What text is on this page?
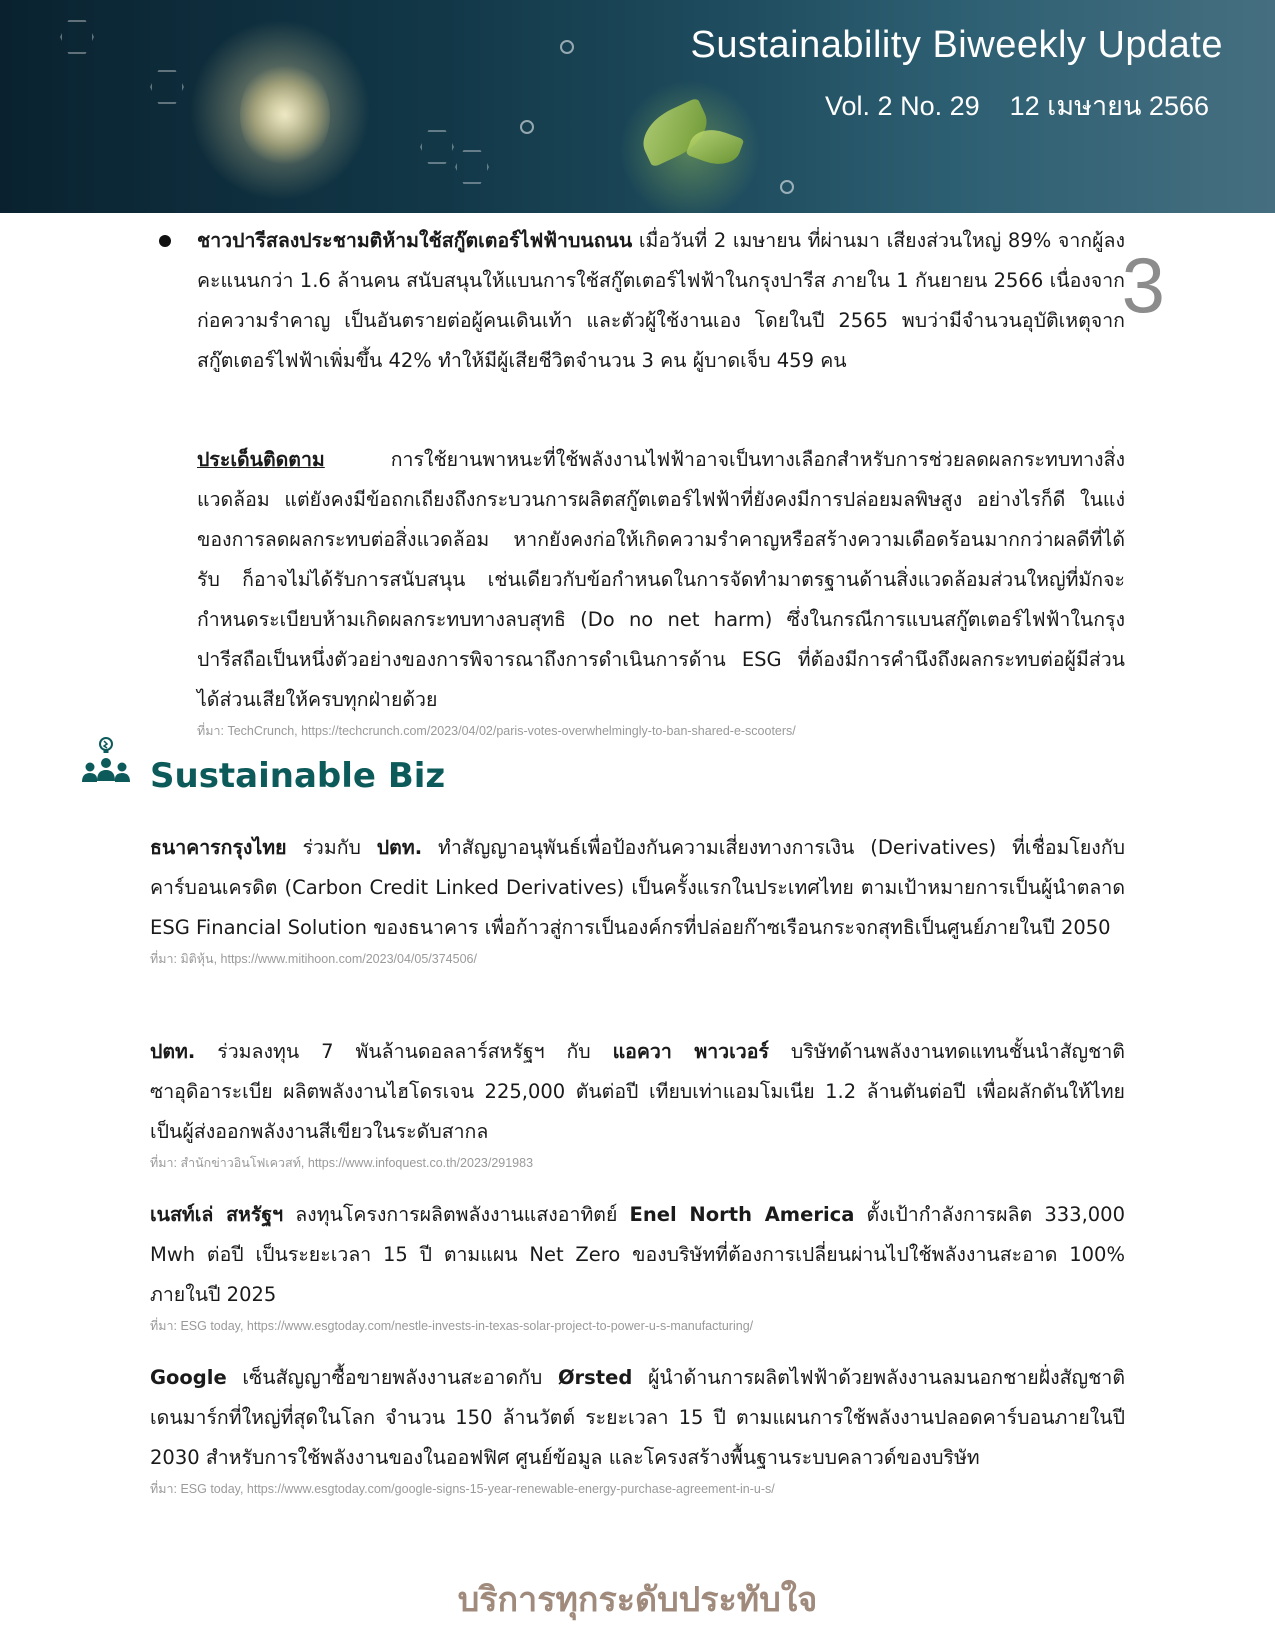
Sustainability Biweekly Update
Vol. 2 No. 29 12 เมษายน 2566
3

ชาวปารีสลงประชามติห้ามใช้สกู๊ตเตอร์ไฟฟ้าบนถนน เมื่อวันที่ 2 เมษายน ที่ผ่านมา เสียงส่วนใหญ่ 89% จากผู้ลงคะแนนกว่า 1.6 ล้านคน สนับสนุนให้แบนการใช้สกู๊ตเตอร์ไฟฟ้าในกรุงปารีส ภายใน 1 กันยายน 2566 เนื่องจากก่อความรำคาญ เป็นอันตรายต่อผู้คนเดินเท้า และตัวผู้ใช้งานเอง โดยในปี 2565 พบว่ามีจำนวนอุบัติเหตุจากสกู๊ตเตอร์ไฟฟ้าเพิ่มขึ้น 42% ทำให้มีผู้เสียชีวิตจำนวน 3 คน ผู้บาดเจ็บ 459 คน

ประเด็นติดตาม การใช้ยานพาหนะที่ใช้พลังงานไฟฟ้าอาจเป็นทางเลือกสำหรับการช่วยลดผลกระทบทางสิ่งแวดล้อม แต่ยังคงมีข้อถกเถียงถึงกระบวนการผลิตสกู๊ตเตอร์ไฟฟ้าที่ยังคงมีการปล่อยมลพิษสูง อย่างไรก็ดี ในแง่ของการลดผลกระทบต่อสิ่งแวดล้อม หากยังคงก่อให้เกิดความรำคาญหรือสร้างความเดือดร้อนมากกว่าผลดีที่ได้รับ ก็อาจไม่ได้รับการสนับสนุน เช่นเดียวกับข้อกำหนดในการจัดทำมาตรฐานด้านสิ่งแวดล้อมส่วนใหญ่ที่มักจะกำหนดระเบียบห้ามเกิดผลกระทบทางลบสุทธิ (Do no net harm) ซึ่งในกรณีการแบนสกู๊ตเตอร์ไฟฟ้าในกรุงปารีสถือเป็นหนึ่งตัวอย่างของการพิจารณาถึงการดำเนินการด้าน ESG ที่ต้องมีการคำนึงถึงผลกระทบต่อผู้มีส่วนได้ส่วนเสียให้ครบทุกฝ่ายด้วย

ที่มา: TechCrunch, https://techcrunch.com/2023/04/02/paris-votes-overwhelmingly-to-ban-shared-e-scooters/
Sustainable Biz

ธนาคารกรุงไทย ร่วมกับ ปตท. ทำสัญญาอนุพันธ์เพื่อป้องกันความเสี่ยงทางการเงิน (Derivatives) ที่เชื่อมโยงกับคาร์บอนเครดิต (Carbon Credit Linked Derivatives) เป็นครั้งแรกในประเทศไทย ตามเป้าหมายการเป็นผู้นำตลาด ESG Financial Solution ของธนาคาร เพื่อก้าวสู่การเป็นองค์กรที่ปล่อยก๊าซเรือนกระจกสุทธิเป็นศูนย์ภายในปี 2050

ที่มา: มิติหุ้น, https://www.mitihoon.com/2023/04/05/374506/

ปตท. ร่วมลงทุน 7 พันล้านดอลลาร์สหรัฐฯ กับ แอควา พาวเวอร์ บริษัทด้านพลังงานทดแทนชั้นนำสัญชาติซาอุดิอาระเบีย ผลิตพลังงานไฮโดรเจน 225,000 ตันต่อปี เทียบเท่าแอมโมเนีย 1.2 ล้านตันต่อปี เพื่อผลักดันให้ไทยเป็นผู้ส่งออกพลังงานสีเขียวในระดับสากล

ที่มา: สำนักข่าวอินโฟเควสท์, https://www.infoquest.co.th/2023/291983

เนสท์เล่ สหรัฐฯ ลงทุนโครงการผลิตพลังงานแสงอาทิตย์ Enel North America ตั้งเป้ากำลังการผลิต 333,000 Mwh ต่อปี เป็นระยะเวลา 15 ปี ตามแผน Net Zero ของบริษัทที่ต้องการเปลี่ยนผ่านไปใช้พลังงานสะอาด 100% ภายในปี 2025

ที่มา: ESG today, https://www.esgtoday.com/nestle-invests-in-texas-solar-project-to-power-u-s-manufacturing/

Google เซ็นสัญญาซื้อขายพลังงานสะอาดกับ Ørsted ผู้นำด้านการผลิตไฟฟ้าด้วยพลังงานลมนอกชายฝั่งสัญชาติเดนมาร์กที่ใหญ่ที่สุดในโลก จำนวน 150 ล้านวัตต์ ระยะเวลา 15 ปี ตามแผนการใช้พลังงานปลอดคาร์บอนภายในปี 2030 สำหรับการใช้พลังงานของในออฟฟิศ ศูนย์ข้อมูล และโครงสร้างพื้นฐานระบบคลาวด์ของบริษัท

ที่มา: ESG today, https://www.esgtoday.com/google-signs-15-year-renewable-energy-purchase-agreement-in-u-s/

บริการทุกระดับประทับใจ
